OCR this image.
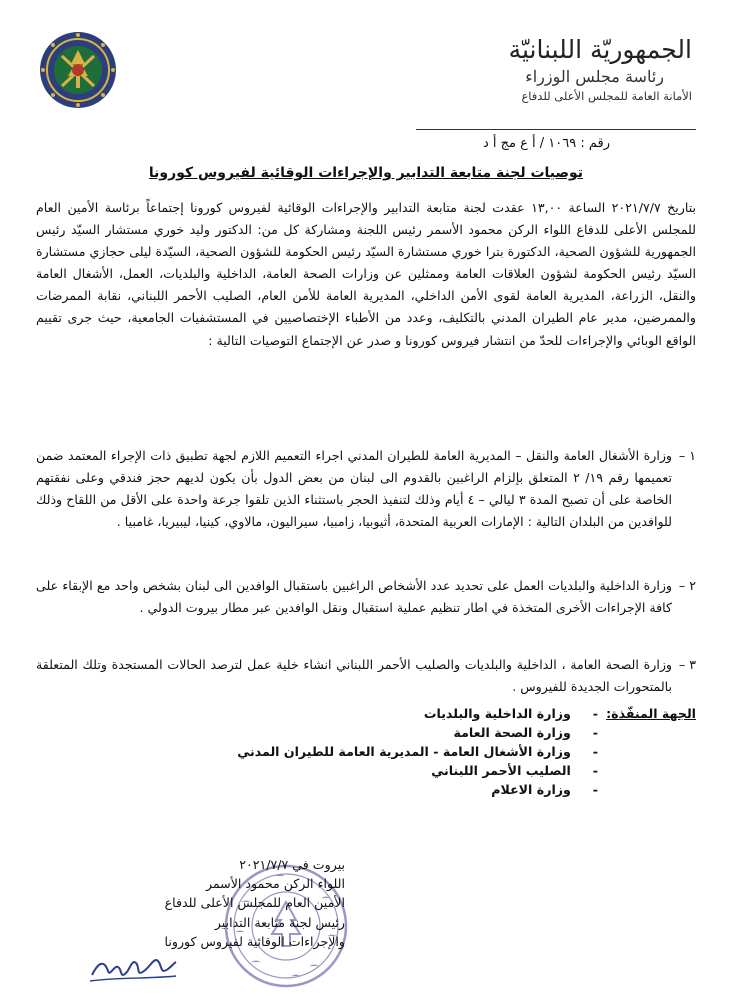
الجمهوريّة اللبنانيّة
رئاسة مجلس الوزراء
الأمانة العامة للمجلس الأعلى للدفاع
رقم : ١٠٦٩ / أ ع مج أ د
توصيات لجنة متابعة التدابير والإجراءات الوقائية لفيروس كورونا

بتاريخ ٢٠٢١/٧/٧ الساعة ١٣,٠٠ عقدت لجنة متابعة التدابير والإجراءات الوقائية لفيروس كورونا إجتماعاً برئاسة الأمين العام للمجلس الأعلى للدفاع اللواء الركن محمود الأسمر رئيس اللجنة ومشاركة كل من: الدكتور وليد خوري مستشار السيّد رئيس الجمهورية للشؤون الصحية، الدكتورة بترا خوري مستشارة السيّد رئيس الحكومة للشؤون الصحية، السيّدة ليلى حجازي مستشارة السيّد رئيس الحكومة لشؤون العلاقات العامة وممثلين عن وزارات الصحة العامة، الداخلية والبلديات، العمل، الأشغال العامة والنقل، الزراعة، المديرية العامة لقوى الأمن الداخلي، المديرية العامة للأمن العام، الصليب الأحمر اللبناني، نقابة الممرضات والممرضين، مدير عام الطيران المدني بالتكليف، وعدد من الأطباء الإختصاصيين في المستشفيات الجامعية، حيث جرى تقييم الواقع الوبائي والإجراءات للحدّ من انتشار فيروس كورونا و صدر عن الإجتماع التوصيات التالية :

١ –
وزارة الأشغال العامة والنقل – المديرية العامة للطيران المدني اجراء التعميم اللازم لجهة تطبيق ذات الإجراء المعتمد ضمن تعميمها رقم ١٩/ ٢ المتعلق بإلزام الراغبين بالقدوم الى لبنان من بعض الدول بأن يكون لديهم حجز فندقي وعلى نفقتهم الخاصة على أن تصبح المدة ٣ ليالي – ٤ أيام وذلك لتنفيذ الحجر باستثناء الذين تلقوا جرعة واحدة على الأقل من اللقاح وذلك للوافدين من البلدان التالية : الإمارات العربية المتحدة، أثيوبيا، زامبيا، سيراليون، مالاوي، كينيا، ليبيريا، غامبيا .
٢ –
وزارة الداخلية والبلديات العمل على تحديد عدد الأشخاص الراغبين باستقبال الوافدين الى لبنان بشخص واحد مع الإبقاء على كافة الإجراءات الأخرى المتخذة في اطار تنظيم عملية استقبال ونقل الوافدين عبر مطار بيروت الدولي .
٣ –
وزارة الصحة العامة ، الداخلية والبلديات والصليب الأحمر اللبناني انشاء خلية عمل لترصد الحالات المستجدة وتلك المتعلقة بالمتحورات الجديدة للفيروس .
الجهة المنفّذة:
-     وزارة الداخلية والبلديات
-     وزارة الصحة العامة
-     وزارة الأشغال العامة - المديرية العامة للطيران المدني
-     الصليب الأحمر اللبناني
-     وزارة الاعلام
بيروت في ٢٠٢١/٧/٧
اللواء الركن محمود الأسمر
الأمين العام للمجلس الأعلى للدفاع
رئيس لجنة متابعة التدابير
والإجراءات الوقائية لفيروس كورونا
